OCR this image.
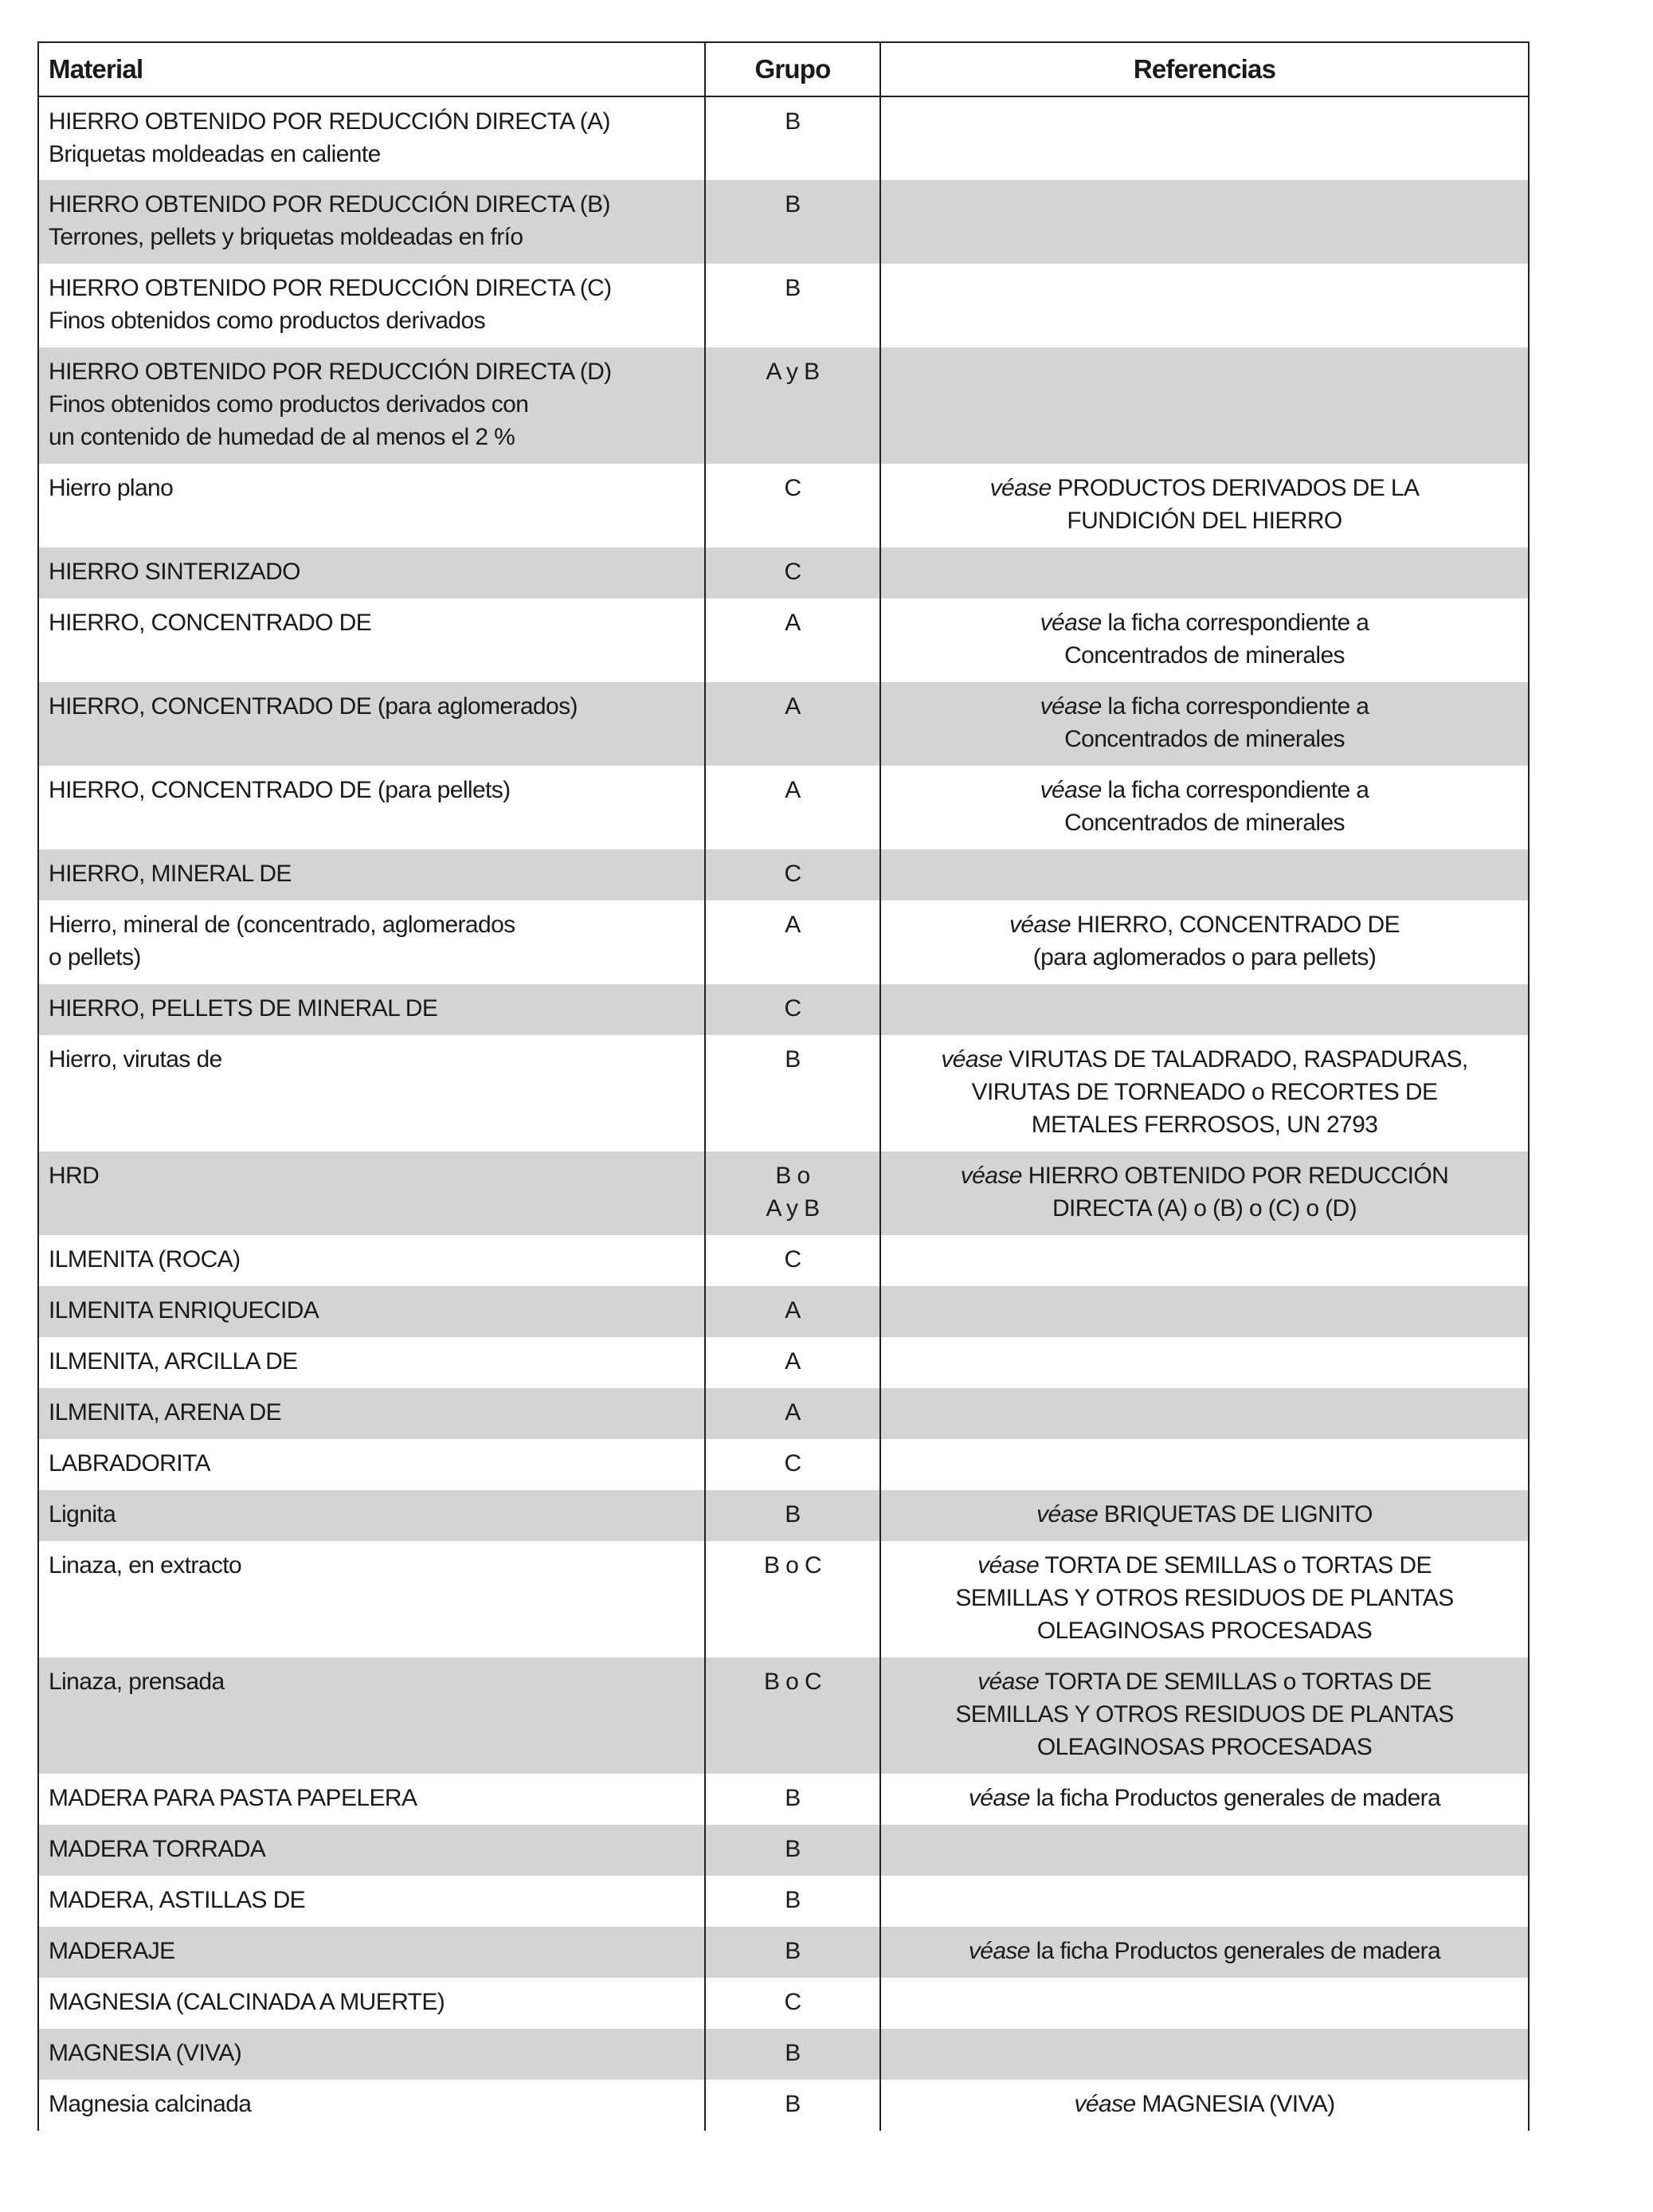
Material	Grupo	Referencias

HIERRO OBTENIDO POR REDUCCIÓN DIRECTA (A)
Briquetas moldeadas en caliente	B	

HIERRO OBTENIDO POR REDUCCIÓN DIRECTA (B)
Terrones, pellets y briquetas moldeadas en frío	B	

HIERRO OBTENIDO POR REDUCCIÓN DIRECTA (C)
Finos obtenidos como productos derivados	B	

HIERRO OBTENIDO POR REDUCCIÓN DIRECTA (D)
Finos obtenidos como productos derivados con
un contenido de humedad de al menos el 2 %	A y B	

Hierro plano	C	véase PRODUCTOS DERIVADOS DE LA
FUNDICIÓN DEL HIERRO

HIERRO SINTERIZADO	C	

HIERRO, CONCENTRADO DE	A	véase la ficha correspondiente a
Concentrados de minerales

HIERRO, CONCENTRADO DE (para aglomerados)	A	véase la ficha correspondiente a
Concentrados de minerales

HIERRO, CONCENTRADO DE (para pellets)	A	véase la ficha correspondiente a
Concentrados de minerales

HIERRO, MINERAL DE	C	

Hierro, mineral de (concentrado, aglomerados
o pellets)	A	véase HIERRO, CONCENTRADO DE
(para aglomerados o para pellets)

HIERRO, PELLETS DE MINERAL DE	C	

Hierro, virutas de	B	véase VIRUTAS DE TALADRADO, RASPADURAS,
VIRUTAS DE TORNEADO o RECORTES DE
METALES FERROSOS, UN 2793

HRD	B o
A y B	véase HIERRO OBTENIDO POR REDUCCIÓN
DIRECTA (A) o (B) o (C) o (D)

ILMENITA (ROCA)	C	

ILMENITA ENRIQUECIDA	A	

ILMENITA, ARCILLA DE	A	

ILMENITA, ARENA DE	A	

LABRADORITA	C	

Lignita	B	véase BRIQUETAS DE LIGNITO

Linaza, en extracto	B o C	véase TORTA DE SEMILLAS o TORTAS DE
SEMILLAS Y OTROS RESIDUOS DE PLANTAS
OLEAGINOSAS PROCESADAS

Linaza, prensada	B o C	véase TORTA DE SEMILLAS o TORTAS DE
SEMILLAS Y OTROS RESIDUOS DE PLANTAS
OLEAGINOSAS PROCESADAS

MADERA PARA PASTA PAPELERA	B	véase la ficha Productos generales de madera

MADERA TORRADA	B	

MADERA, ASTILLAS DE	B	

MADERAJE	B	véase la ficha Productos generales de madera

MAGNESIA (CALCINADA A MUERTE)	C	

MAGNESIA (VIVA)	B	

Magnesia calcinada	B	véase MAGNESIA (VIVA)
